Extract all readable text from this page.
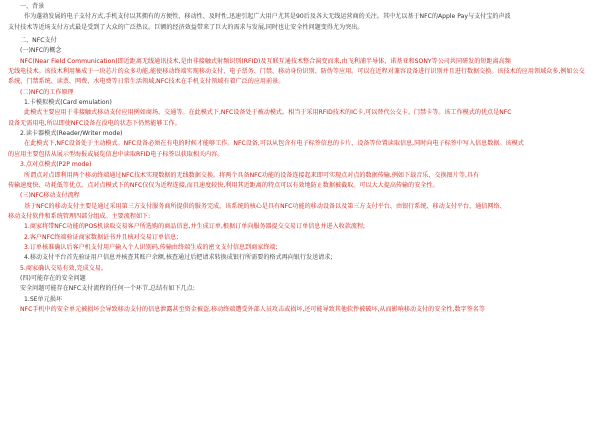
一、背景
作为蓬勃发展的电子支付方式,手机支付以其拥有的方便性、移动性、及时性,迅速引起广大用户尤其是90后及各大无线运营商的关注。其中尤以基于NFC的Apple Pay与支付宝的声波
支付技术等近场支付方式最是受到了大众的广泛热议。巨额的经济效益带来了巨大的需求与发展,同时也让安全性问题变得尤为突出。
二、NFC支付
(一)NFC的概念
NFC(Near Field Communication)即近距离无线通讯技术,是由非接触式射频识别(RFID)及互联互通技术整合演变而来,由飞利浦半导体、诺基亚和SONY等公司共同研发的短距离高频
无线电技术。该技术利用集成于一块芯片的众多功能,能使移动终端实现移动支付、电子票务、门禁、移动身份识别、防伪等应用。可以在近程对兼容设备进行识别并且进行数据交换。该技术的应用领域众多,例如公交
系统、门禁系统、读票、网费、水电费等日常生活领域,NFC技术在手机支付领域有着广泛的应用前景。
(二)NFC的工作原理
1.卡模拟模式(Card emulation)
此模式主要应用于非接触式移动支付应用例如商场、交通等。在此模式下,NFC设备处于被动模式。相当于采用RFID技术的IC卡,可以替代公交卡、门禁卡等。该工作模式的优点是NFC
设备无需用电,所以即使NFC设备在没电的状态下仍然能够工作。
2.读卡器模式(Reader/Writer mode)
在此模式下,NFC设备处于主动模式。NFC设备必须在有电的时候才能够工作。NFC设备,可以从包含有电子标签信息的卡片、设备等位置读取信息,同时向电子标签中写入信息数据。该模式
的应用主要包括从展示型海报或展览信息中读取RFID电子标签以获取相关内容。
3.点对点模式(P2P mode)
所谓点对点即利用两个移动终端通过NFC技术实现数据的无线数据交换。将两个具备NFC功能的设备连接起来即可实现点对点的数据传输,例如下载音乐、交换图片等,具有
传输速度快、功耗低等优点。点对点模式下的NFC仅仅为近程连接,而且速度较快,利用其近距离的特点可以有效地防止数据被截取。可以大大提高传输的安全性。
(三)NFC移动支付流程
基于NFC的移动支付主要是通过采用第三方支付服务商所提供的服务完成。该系统的核心是具有NFC功能的移动设备以及第三方支付平台、由银行系统、移动支付平台、通信网络、
移动支付软件和系统管理四部分组成。主要流程如下:
1.商家将带NFC功能的POS机读取交易客户所选购的商品信息,并生成订单,根据订单向服务器提交交易订单信息并进入收款流程;
2.客户NFC终端验证商家数据证书并且核对交易订单信息;
3.订单核准确认后客户机支付用户输入个人识别码,传输由终端生成的密文支付信息到商家终端;
4.移动支付平台首先验证用户信息并核查其账户余额,核查通过后把请求转换成银行所需要的格式再向银行发送请求;
5.商家确认交易有效,完成交易。
(四)可能存在的安全问题
安全问题可能存在NFC支付流程的任何一个环节,总结有如下几点:
1.SE单元损坏
NFC手机中的安全单元被损坏会导致移动支付的信息泄露甚至资金被盗,移动终端遭受外部人员攻击或损坏,还可能导致其他软件被破坏,从而影响移动支付的安全性,数字签名等
